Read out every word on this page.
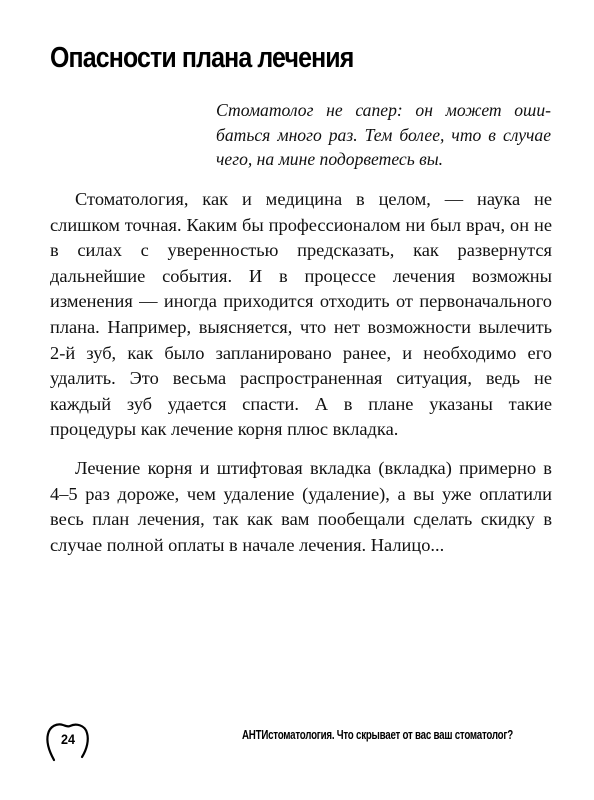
Опасности плана лечения

Стоматолог не сапер: он может ошибаться много раз. Тем более, что в случае чего, на мине подорветесь вы.

Стоматология, как и медицина в целом, — наука не слишком точная. Каким бы профессионалом ни был врач, он не в силах с уверенностью предсказать, как развернутся дальнейшие события. И в процессе лечения возможны изменения — иногда приходится отходить от первоначального плана. Например, выясняется, что нет возможности вылечить 2-й зуб, как было запланировано ранее, и необходимо его удалить. Это весьма распространенная ситуация, ведь не каждый зуб удается спасти. А в плане указаны такие процедуры как лечение корня плюс вкладка.

Лечение корня и штифтовая вкладка (вкладка) примерно в 4–5 раз дороже, чем удаление (удаление), а вы уже оплатили весь план лечения, так как вам пообещали сделать скидку в случае полной оплаты в начале лечения. Налицо...

24	АНТИстоматология. Что скрывает от вас ваш стоматолог?
